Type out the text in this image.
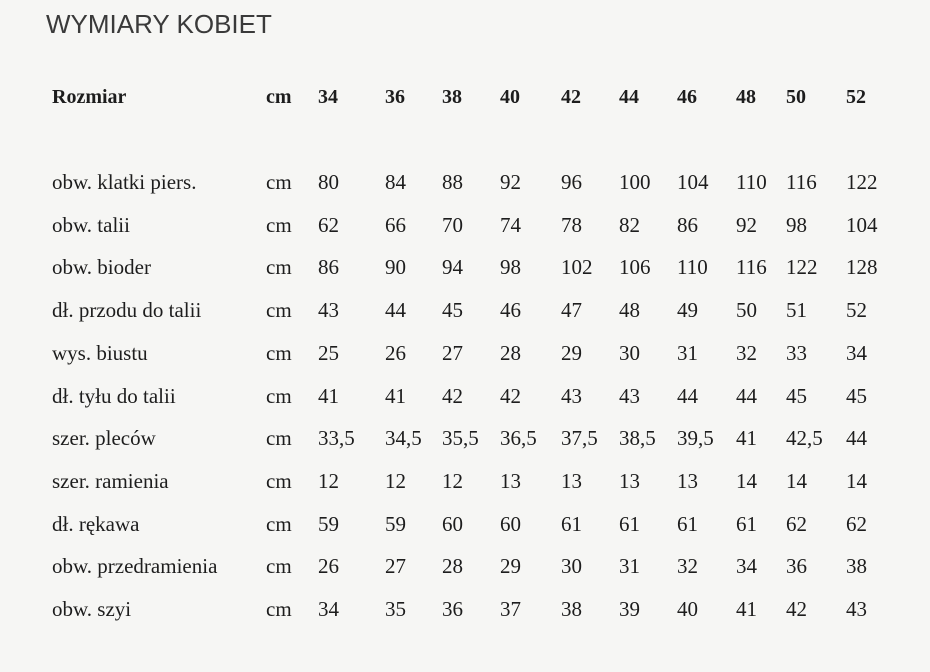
WYMIARY KOBIET
Rozmiar	cm 34 36 38 40 42 44 46 48 50 52
obw. klatki piers.	cm 80 84 88 92 96 100 104 110 116 122
obw. talii	cm 62 66 70 74 78 82 86 92 98 104
obw. bioder	cm 86 90 94 98 102 106 110 116 122 128
dł. przodu do talii	cm 43 44 45 46 47 48 49 50 51 52
wys. biustu	cm 25 26 27 28 29 30 31 32 33 34
dł. tyłu do talii	cm 41 41 42 42 43 43 44 44 45 45
szer. pleców	cm 33,5 34,5 35,5 36,5 37,5 38,5 39,5 41 42,5 44
szer. ramienia	cm 12 12 12 13 13 13 13 14 14 14
dł. rękawa	cm 59 59 60 60 61 61 61 61 62 62
obw. przedramienia cm 26 27 28 29 30 31 32 34 36 38
obw. szyi	cm 34 35 36 37 38 39 40 41 42 43
